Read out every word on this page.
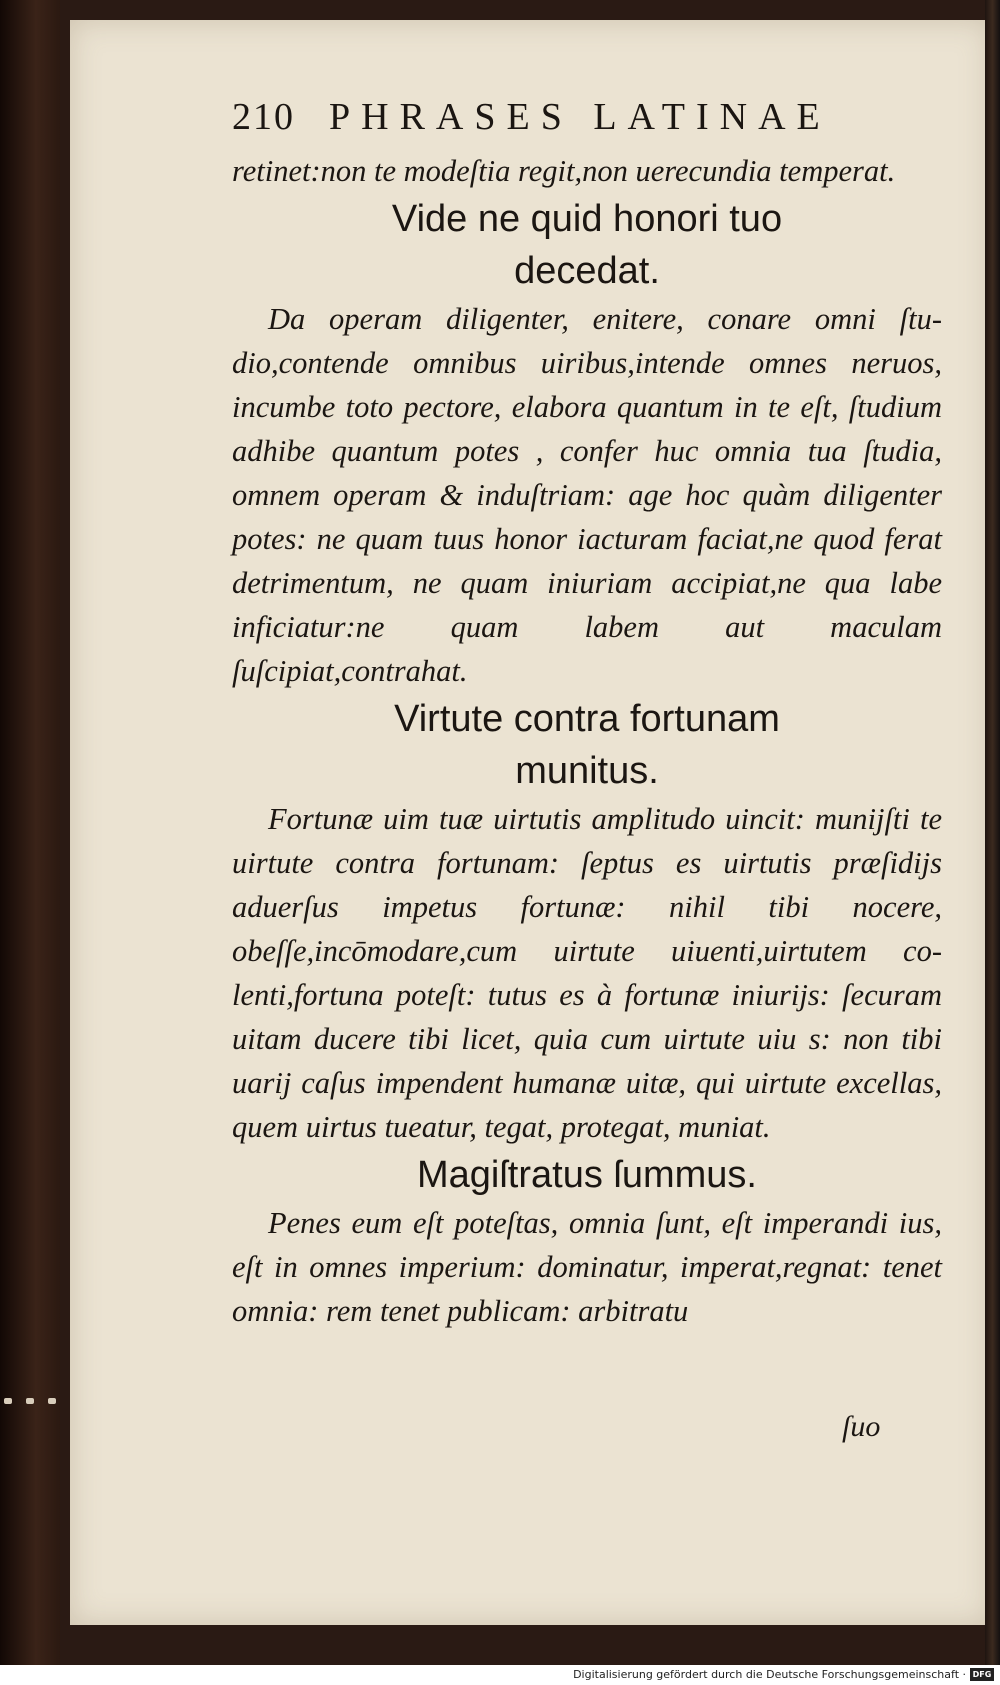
210 PHRASES LATINAE

retinet:non te modeſtia regit,non uerecundia temperat.

Vide ne quid honori tuo
decedat.

Da operam diligenter, enitere, conare omni ſtudio,contende omnibus uiribus,intende omnes neruos, incumbe toto pectore, elabora quantum in te eſt, ſtudium adhibe quantum potes , confer huc omnia tua ſtudia, omnem operam & induſtriam: age hoc quàm diligenter potes: ne quam tuus honor iacturam faciat,ne quod ferat detrimentum, ne quam iniuriam accipiat,ne qua labe inficiatur:ne quam labem aut maculam ſuſcipiat,contrahat.

Virtute contra fortunam
munitus.

Fortunæ uim tuæ uirtutis amplitudo uincit: munijſti te uirtute contra fortunam: ſeptus es uirtutis præſidijs aduerſus impetus fortunæ: nihil tibi nocere, obeſſe,incōmodare,cum uirtute uiuenti,uirtutem colenti,fortuna poteſt: tutus es à fortunæ iniurijs: ſecuram uitam ducere tibi licet, quia cum uirtute uiu s: non tibi uarij caſus impendent humanæ uitæ, qui uirtute excellas, quem uirtus tueatur, tegat, protegat, muniat.

Magiſtratus ſummus.

Penes eum eſt poteſtas, omnia ſunt, eſt imperandi ius, eſt in omnes imperium: dominatur, imperat,regnat: tenet omnia: rem tenet publicam: arbitratu

ſuo
Digitalisierung gefördert durch die Deutsche Forschungsgemeinschaft · DFG
